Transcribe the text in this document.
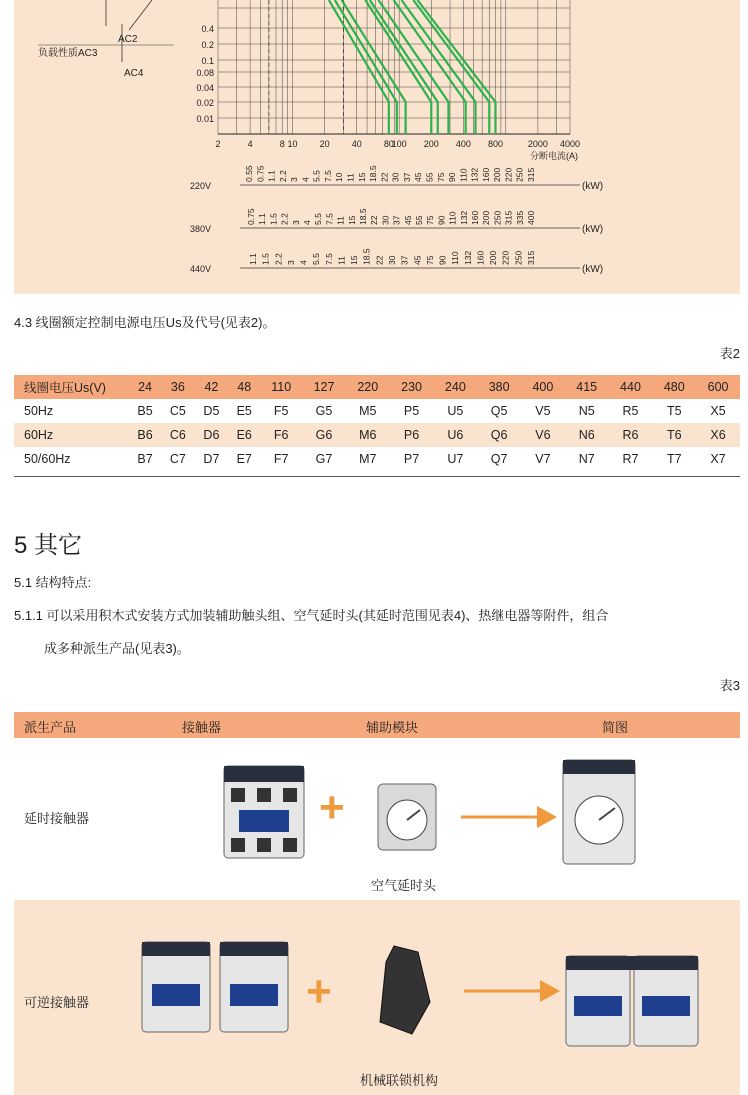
0.4
0.2
0.1
0.08
0.04
0.02
0.01
2	4	8 10 20 40 80
100 200 400 800	2000 4000
分断电流(A)
AC2
负载性质AC3
AC4
220V	(kW)
0.55 0.75 1.1 2.2 3 4 5.5 7.5 10 11 15 18.5 22 30 37 45 55 75 90 110 132 160 200 220 250 315
380V	(kW)
0.75 1.1 1.5 2.2 3 4 5.5 7.5 11 15 18.5 22 30 37 45 55 75 90 110 132 160 200 250 315 335 400
440V	(kW)
1.1 1.5 2.2 3 4 5.5 7.5 11 15 18.5 22 30 37 45 75 90 110 132 160 200 220 250 315
4.3 线圈额定控制电源电压Us及代号(见表2)。
表2
线圈电压Us(V)	24	36	42	48	110	127	220	230	240	380	400	415	440	480	600
50Hz	B5	C5	D5	E5	F5	G5	M5	P5	U5	Q5	V5	N5	R5	T5	X5
60Hz	B6	C6	D6	E6	F6	G6	M6	P6	U6	Q6	V6	N6	R6	T6	X6
50/60Hz	B7	C7	D7	E7	F7	G7	M7	P7	U7	Q7	V7	N7	R7	T7	X7
5 其它
5.1 结构特点:
5.1.1 可以采用积木式安装方式加装辅助触头组、空气延时头(其延时范围见表4)、热继电器等附件，组合
成多种派生产品(见表3)。
表3
派生产品	接触器	辅助模块	简图
延时接触器	+
空气延时头
可逆接触器	+
机械联锁机构
